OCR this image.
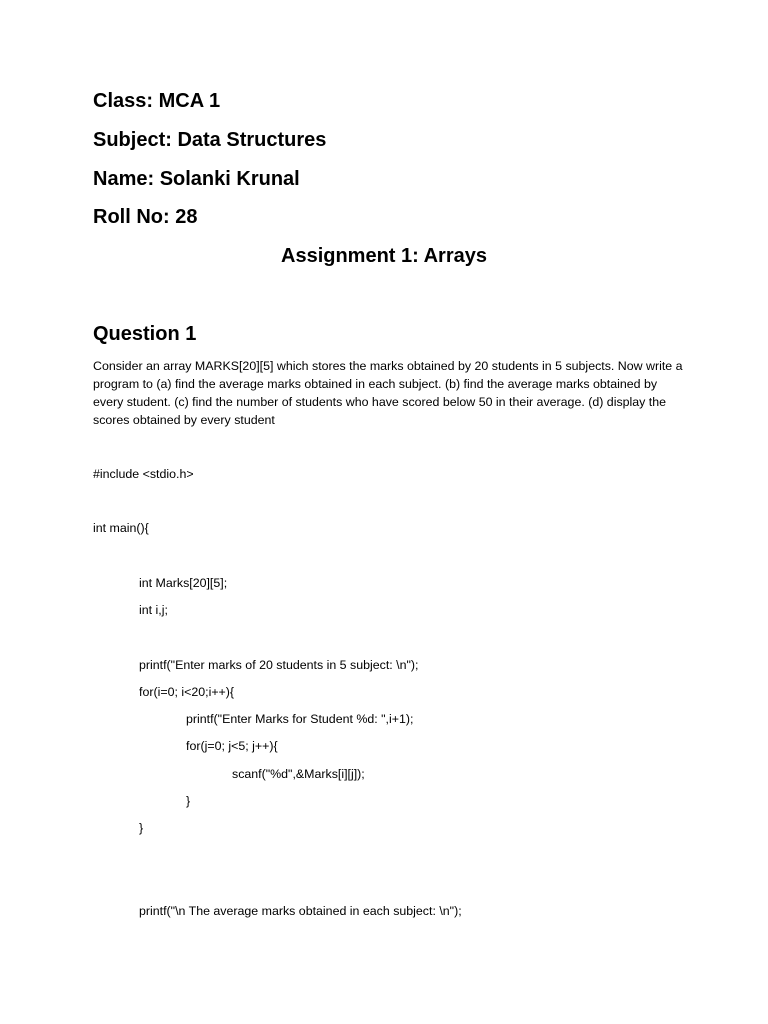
Class: MCA 1
Subject: Data Structures
Name: Solanki Krunal
Roll No: 28
Assignment 1: Arrays
Question 1
Consider an array MARKS[20][5] which stores the marks obtained by 20 students in 5 subjects. Now write a program to (a) find the average marks obtained in each subject. (b) find the average marks obtained by every student. (c) find the number of students who have scored below 50 in their average. (d) display the scores obtained by every student
#include <stdio.h>
int main(){
int Marks[20][5];
int i,j;
printf("Enter marks of 20 students in 5 subject: \n");
for(i=0; i<20;i++){
printf("Enter Marks for Student %d: ",i+1);
for(j=0; j<5; j++){
scanf("%d",&Marks[i][j]);
}
}
printf("\n The average marks obtained in each subject: \n");
